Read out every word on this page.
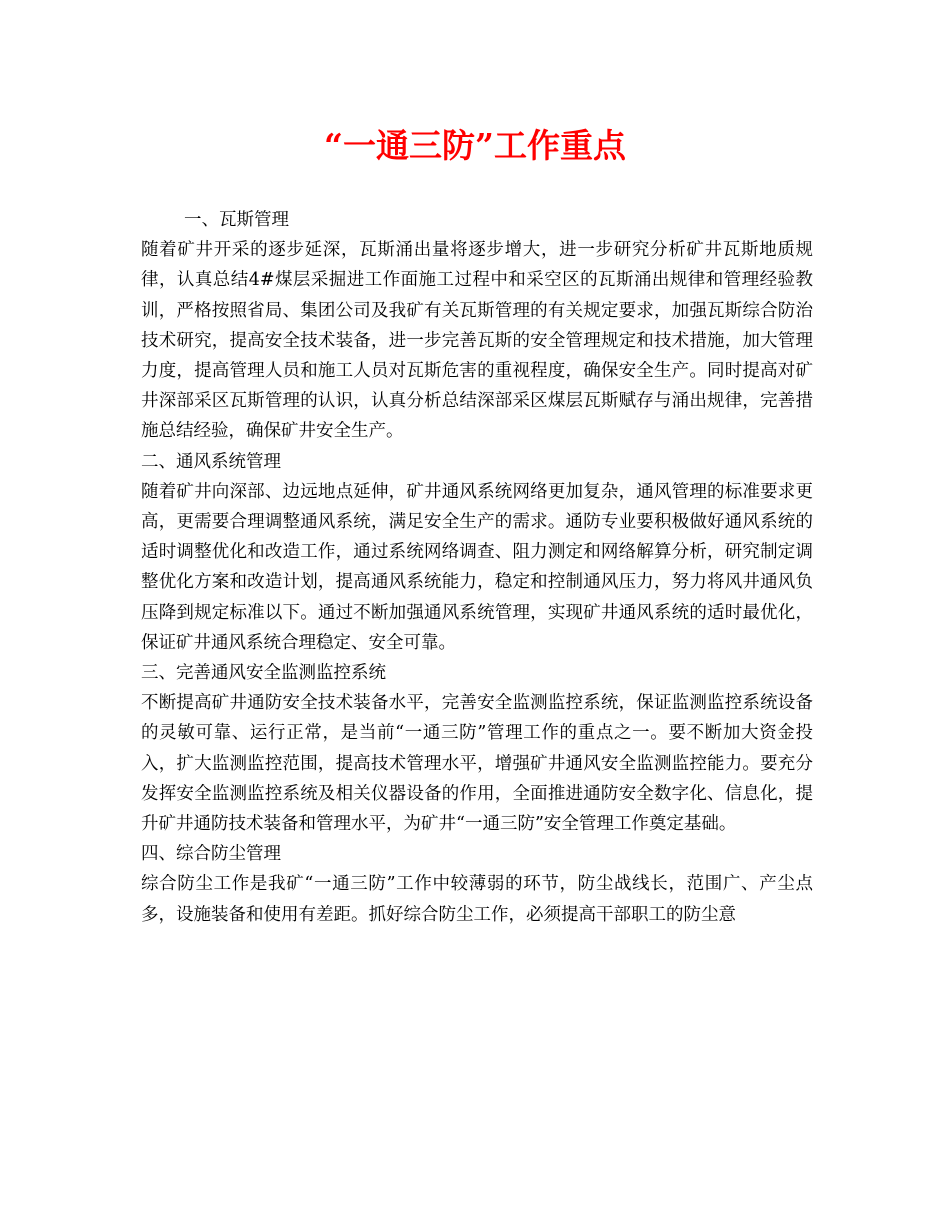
“一通三防”工作重点

一、瓦斯管理

随着矿井开采的逐步延深，瓦斯涌出量将逐步增大，进一步研究分析矿井瓦斯地质规律，认真总结4#煤层采掘进工作面施工过程中和采空区的瓦斯涌出规律和管理经验教训，严格按照省局、集团公司及我矿有关瓦斯管理的有关规定要求，加强瓦斯综合防治技术研究，提高安全技术装备，进一步完善瓦斯的安全管理规定和技术措施，加大管理力度，提高管理人员和施工人员对瓦斯危害的重视程度，确保安全生产。同时提高对矿井深部采区瓦斯管理的认识，认真分析总结深部采区煤层瓦斯赋存与涌出规律，完善措施总结经验，确保矿井安全生产。

二、通风系统管理

随着矿井向深部、边远地点延伸，矿井通风系统网络更加复杂，通风管理的标准要求更高，更需要合理调整通风系统，满足安全生产的需求。通防专业要积极做好通风系统的适时调整优化和改造工作，通过系统网络调查、阻力测定和网络解算分析，研究制定调整优化方案和改造计划，提高通风系统能力，稳定和控制通风压力，努力将风井通风负压降到规定标准以下。通过不断加强通风系统管理，实现矿井通风系统的适时最优化，保证矿井通风系统合理稳定、安全可靠。

三、完善通风安全监测监控系统

不断提高矿井通防安全技术装备水平，完善安全监测监控系统，保证监测监控系统设备的灵敏可靠、运行正常，是当前“一通三防”管理工作的重点之一。要不断加大资金投入，扩大监测监控范围，提高技术管理水平，增强矿井通风安全监测监控能力。要充分发挥安全监测监控系统及相关仪器设备的作用，全面推进通防安全数字化、信息化，提升矿井通防技术装备和管理水平，为矿井“一通三防”安全管理工作奠定基础。

四、综合防尘管理

综合防尘工作是我矿“一通三防”工作中较薄弱的环节，防尘战线长，范围广、产尘点多，设施装备和使用有差距。抓好综合防尘工作，必须提高干部职工的防尘意
